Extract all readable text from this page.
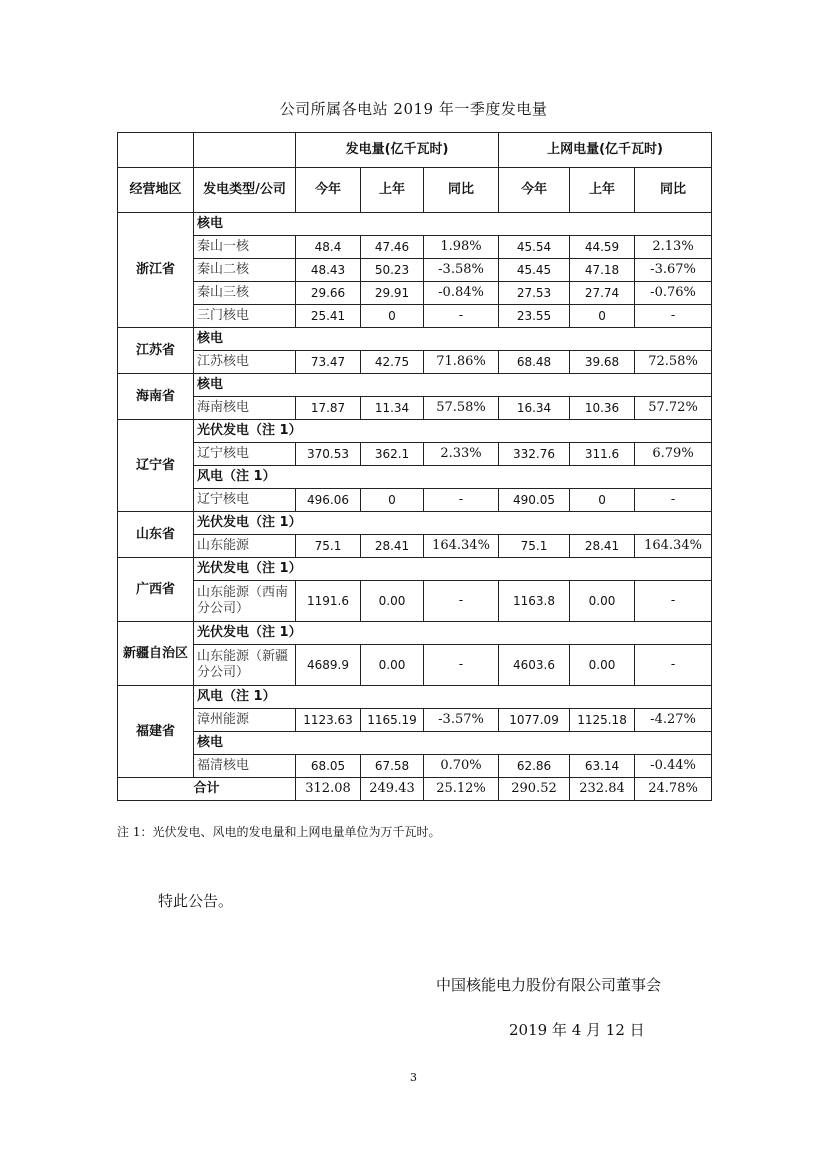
公司所属各电站 2019 年一季度发电量
		发电量(亿千瓦时)			上网电量(亿千瓦时)		
经营地区	发电类型/公司	今年	上年	同比	今年	上年	同比
浙江省	核电						
	秦山一核	48.4	47.46	1.98%	45.54	44.59	2.13%
	秦山二核	48.43	50.23	-3.58%	45.45	47.18	-3.67%
	秦山三核	29.66	29.91	-0.84%	27.53	27.74	-0.76%
	三门核电	25.41	0	-	23.55	0	-
江苏省	核电						
	江苏核电	73.47	42.75	71.86%	68.48	39.68	72.58%
海南省	核电						
	海南核电	17.87	11.34	57.58%	16.34	10.36	57.72%
辽宁省	光伏发电（注 1）						
	辽宁核电	370.53	362.1	2.33%	332.76	311.6	6.79%
	风电（注 1）						
	辽宁核电	496.06	0	-	490.05	0	-
山东省	光伏发电（注 1）						
	山东能源	75.1	28.41	164.34%	75.1	28.41	164.34%
广西省	光伏发电（注 1）						
	山东能源（西南分公司）	1191.6	0.00	-	1163.8	0.00	-
新疆自治区	光伏发电（注 1）						
	山东能源（新疆分公司）	4689.9	0.00	-	4603.6	0.00	-
福建省	风电（注 1）						
	漳州能源	1123.63	1165.19	-3.57%	1077.09	1125.18	-4.27%
	核电						
	福清核电	68.05	67.58	0.70%	62.86	63.14	-0.44%
合计		312.08	249.43	25.12%	290.52	232.84	24.78%
注 1：光伏发电、风电的发电量和上网电量单位为万千瓦时。
特此公告。
中国核能电力股份有限公司董事会
2019 年 4 月 12 日
3
